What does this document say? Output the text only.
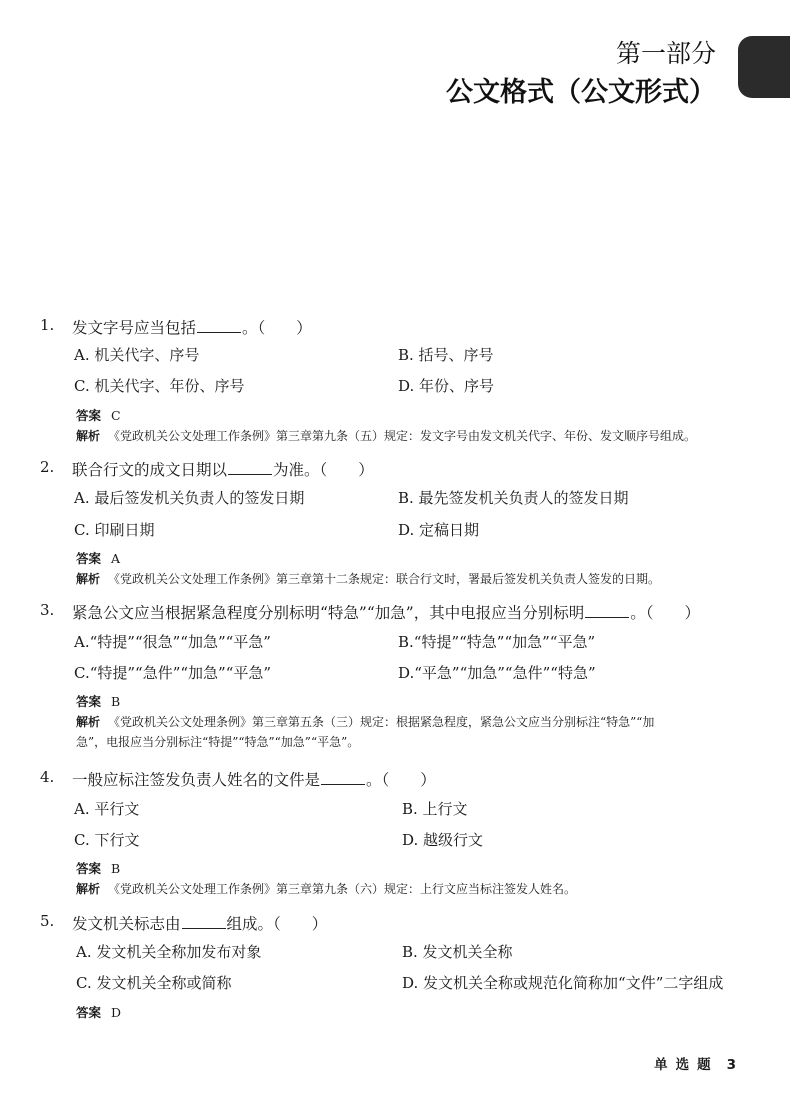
第一部分
公文格式（公文形式）
1. 发文字号应当包括	。（　　）
A. 机关代字、序号	B. 括号、序号
C. 机关代字、年份、序号	D. 年份、序号
答案 C
解析 《党政机关公文处理工作条例》第三章第九条（五）规定：发文字号由发文机关代字、年份、发文顺序号组成。
2. 联合行文的成文日期以	为准。（　　）
A. 最后签发机关负责人的签发日期	B. 最先签发机关负责人的签发日期
C. 印刷日期	D. 定稿日期
答案 A
解析 《党政机关公文处理工作条例》第三章第十二条规定：联合行文时，署最后签发机关负责人签发的日期。
3. 紧急公文应当根据紧急程度分别标明“特急”“加急”，其中电报应当分别标明	。（　　）
A.“特提”“很急”“加急”“平急”	B.“特提”“特急”“加急”“平急”
C.“特提”“急件”“加急”“平急”	D.“平急”“加急”“急件”“特急”
答案 B
解析 《党政机关公文处理条例》第三章第五条（三）规定：根据紧急程度，紧急公文应当分别标注“特急”“加
急”，电报应当分别标注“特提”“特急”“加急”“平急”。
4. 一般应标注签发负责人姓名的文件是	。（　　）
A. 平行文	B. 上行文
C. 下行文	D. 越级行文
答案 B
解析 《党政机关公文处理工作条例》第三章第九条（六）规定：上行文应当标注签发人姓名。
5. 发文机关标志由	组成。（　　）
A. 发文机关全称加发布对象	B. 发文机关全称
C. 发文机关全称或简称	D. 发文机关全称或规范化简称加“文件”二字组成
答案 D
单选题 3
